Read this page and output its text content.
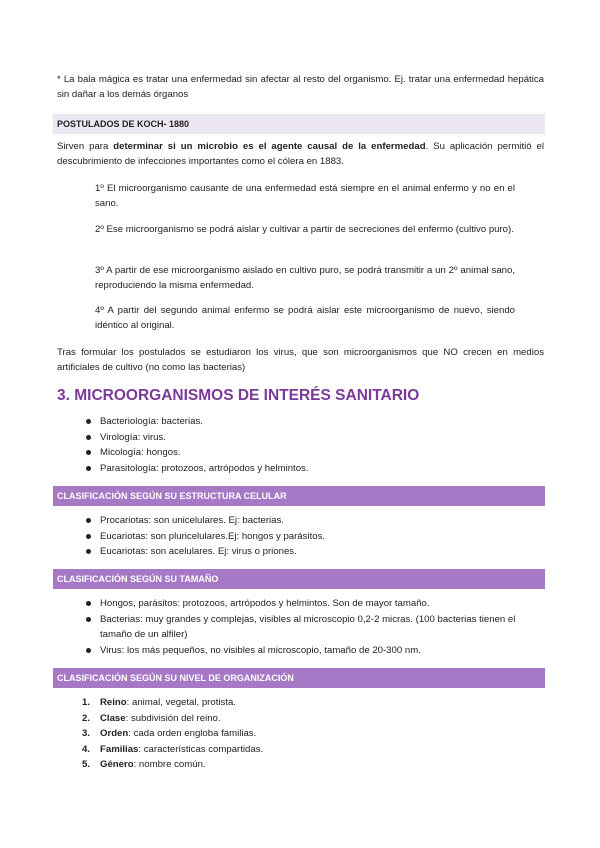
* La bala mágica es tratar una enfermedad sin afectar al resto del organismo. Ej. tratar una enfermedad hepática sin dañar a los demás órganos
POSTULADOS DE KOCH- 1880
Sirven para determinar si un microbio es el agente causal de la enfermedad. Su aplicación permitió el descubrimiento de infecciones importantes como el cólera en 1883.
1º El microorganismo causante de una enfermedad está siempre en el animal enfermo y no en el sano.
2º Ese microorganismo se podrá aislar y cultivar a partir de secreciones del enfermo (cultivo puro).
3º A partir de ese microorganismo aislado en cultivo puro, se podrá transmitir a un 2º animal sano, reproduciendo la misma enfermedad.
4º A partir del segundo animal enfermo se podrá aislar este microorganismo de nuevo, siendo idéntico al original.
Tras formular los postulados se estudiaron los virus, que son microorganismos que NO crecen en medios artificiales de cultivo (no como las bacterias)
3. MICROORGANISMOS DE INTERÉS SANITARIO
Bacteriología: bacterias.
Virología: virus.
Micología: hongos.
Parasitología: protozoos, artrópodos y helmintos.
CLASIFICACIÓN SEGÚN SU ESTRUCTURA CELULAR
Procariotas: son unicelulares. Ej: bacterias.
Eucariotas: son pluricelulares.Ej: hongos y parásitos.
Eucariotas: son acelulares. Ej: virus o priones.
CLASIFICACIÓN SEGÚN SU TAMAÑO
Hongos, parásitos: protozoos, artrópodos y helmintos. Son de mayor tamaño.
Bacterias: muy grandes y complejas, visibles al microscopio 0,2-2 micras. (100 bacterias tienen el tamaño de un alfiler)
Virus: los más pequeños, no visibles al microscopio, tamaño de 20-300 nm.
CLASIFICACIÓN SEGÚN SU NIVEL DE ORGANIZACIÓN
1. Reino: animal, vegetal, protista.
2. Clase: subdivisión del reino.
3. Orden: cada orden engloba familias.
4. Familias: características compartidas.
5. Género: nombre común.
